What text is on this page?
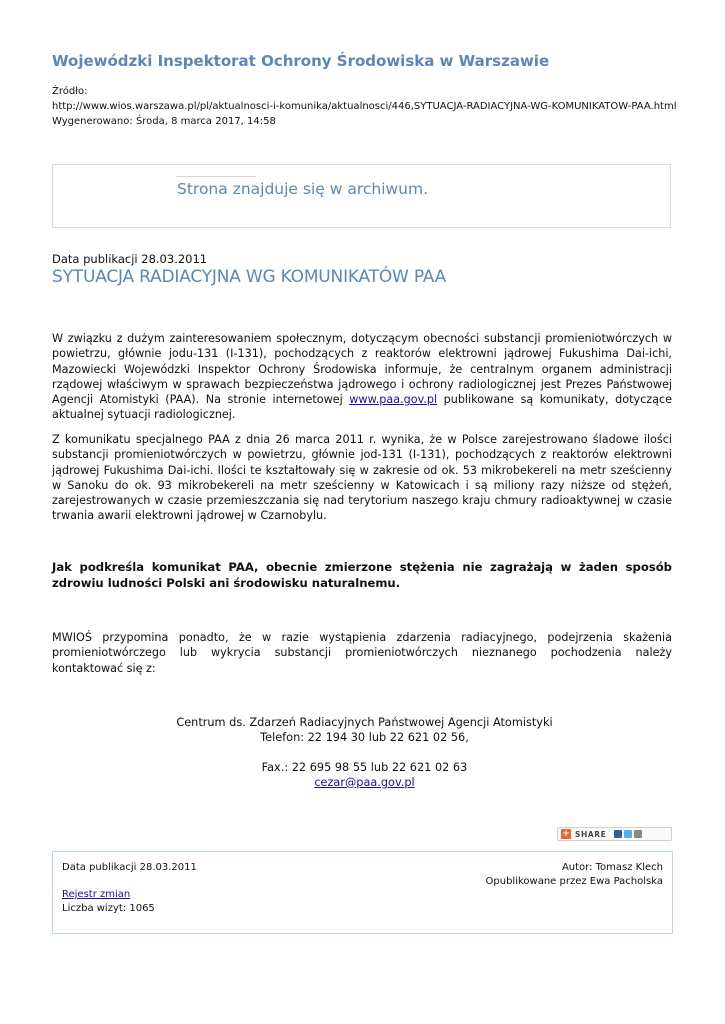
Wojewódzki Inspektorat Ochrony Środowiska w Warszawie
Źródło:
http://www.wios.warszawa.pl/pl/aktualnosci-i-komunika/aktualnosci/446,SYTUACJA-RADIACYJNA-WG-KOMUNIKATOW-PAA.html
Wygenerowano: Środa, 8 marca 2017, 14:58
Strona znajduje się w archiwum.
Data publikacji 28.03.2011
SYTUACJA RADIACYJNA WG KOMUNIKATÓW PAA

W związku z dużym zainteresowaniem społecznym, dotyczącym obecności substancji promieniotwórczych w powietrzu, głównie jodu-131 (I-131), pochodzących z reaktorów elektrowni jądrowej Fukushima Dai-ichi, Mazowiecki Wojewódzki Inspektor Ochrony Środowiska informuje, że centralnym organem administracji rządowej właściwym w sprawach bezpieczeństwa jądrowego i ochrony radiologicznej jest Prezes Państwowej Agencji Atomistyki (PAA). Na stronie internetowej www.paa.gov.pl publikowane są komunikaty, dotyczące aktualnej sytuacji radiologicznej.

Z komunikatu specjalnego PAA z dnia 26 marca 2011 r. wynika, że w Polsce zarejestrowano śladowe ilości substancji promieniotwórczych w powietrzu, głównie jod-131 (I-131), pochodzących z reaktorów elektrowni jądrowej Fukushima Dai-ichi. Ilości te kształtowały się w zakresie od ok. 53 mikrobekereli na metr sześcienny w Sanoku do ok. 93 mikrobekereli na metr sześcienny w Katowicach i są miliony razy niższe od stężeń, zarejestrowanych w czasie przemieszczania się nad terytorium naszego kraju chmury radioaktywnej w czasie trwania awarii elektrowni jądrowej w Czarnobylu.

Jak podkreśla komunikat PAA, obecnie zmierzone stężenia nie zagrażają w żaden sposób zdrowiu ludności Polski ani środowisku naturalnemu.

MWIOŚ przypomina ponadto, że w razie wystąpienia zdarzenia radiacyjnego, podejrzenia skażenia promieniotwórczego lub wykrycia substancji promieniotwórczych nieznanego pochodzenia należy kontaktować się z:

Centrum ds. Zdarzeń Radiacyjnych Państwowej Agencji Atomistyki
Telefon: 22 194 30 lub 22 621 02 56,
Fax.: 22 695 98 55 lub 22 621 02 63
cezar@paa.gov.pl
+ SHARE
Data publikacji 28.03.2011	Autor: Tomasz Klech
Opublikowane przez Ewa Pacholska
Rejestr zmian
Liczba wizyt: 1065
